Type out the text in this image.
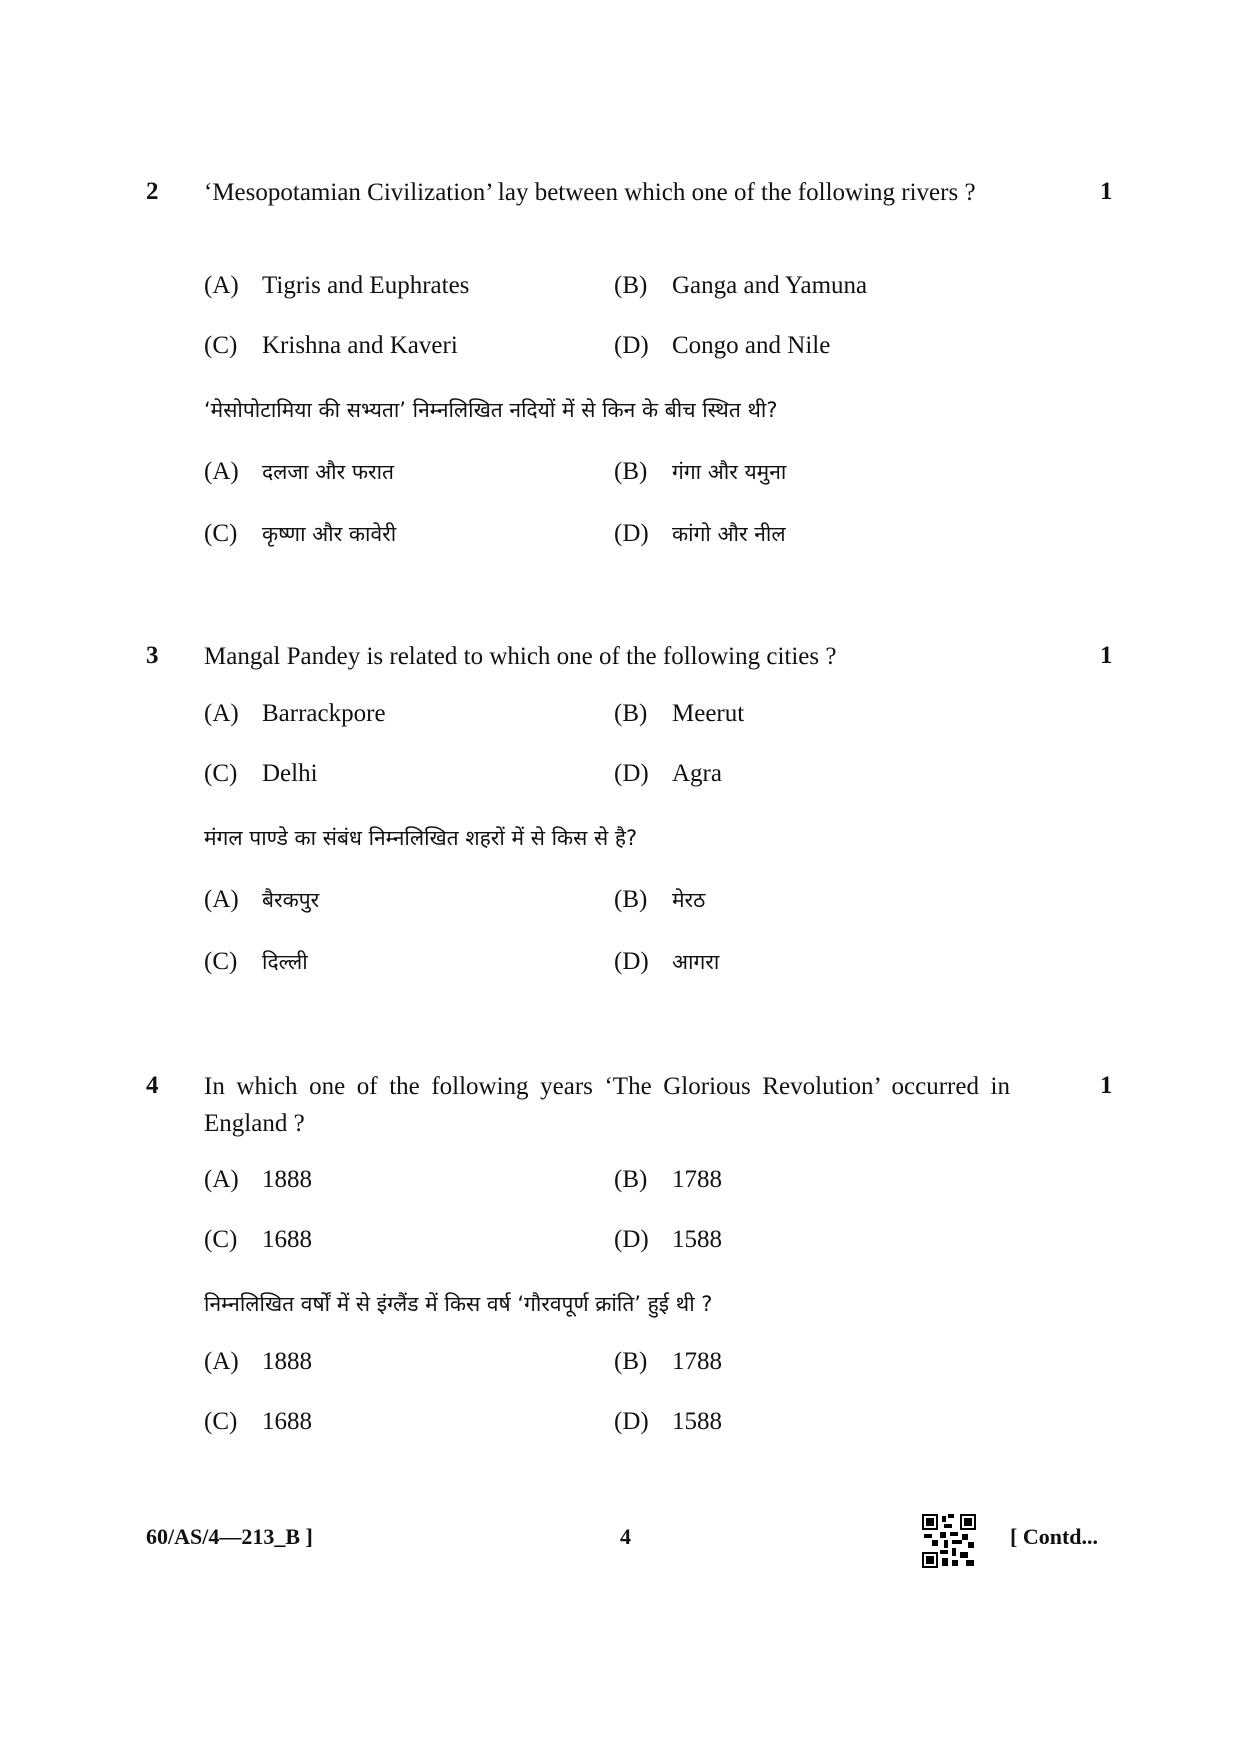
2 ‘Mesopotamian Civilization’ lay between which one of the following rivers ?	1
(A) Tigris and Euphrates	(B) Ganga and Yamuna
(C) Krishna and Kaveri	(D) Congo and Nile
‘मेसोपोटामिया की सभ्यता’ निम्नलिखित नदियों में से किन के बीच स्थित थी?
(A) दलजा और फरात	(B) गंगा और यमुना
(C) कृष्णा और कावेरी	(D) कांगो और नील
3 Mangal Pandey is related to which one of the following cities ?	1
(A) Barrackpore	(B) Meerut
(C) Delhi	(D) Agra
मंगल पाण्डे का संबंध निम्नलिखित शहरों में से किस से है?
(A) बैरकपुर	(B) मेरठ
(C) दिल्ली	(D) आगरा
4 In which one of the following years ‘The Glorious Revolution’ occurred in England ?
1
(A) 1888	(B) 1788
(C) 1688	(D) 1588
निम्नलिखित वर्षों में से इंग्लैंड में किस वर्ष ‘गौरवपूर्ण क्रांति’ हुई थी ?
(A) 1888	(B) 1788
(C) 1688	(D) 1588
60/AS/4—213_B ]	4	[ Contd...
